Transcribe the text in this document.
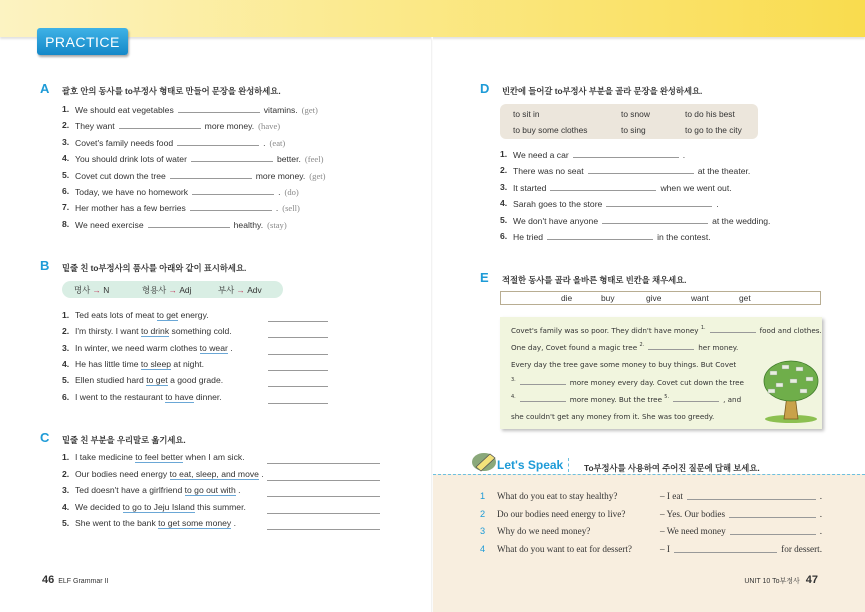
PRACTICE
A 괄호 안의 동사를 to부정사 형태로 만들어 문장을 완성하세요.
B 밑줄 친 to부정사의 품사를 아래와 같이 표시하세요.
명사 → N	형용사 → Adj	부사 → Adv
C 밑줄 친 부분을 우리말로 옮기세요.
46 ELF Grammar II
D 빈칸에 들어갈 to부정사 부분을 골라 문장을 완성하세요.
to sit in	to snow	to do his best
to buy some clothes	to sing	to go to the city
E 적절한 동사를 골라 올바른 형태로 빈칸을 채우세요.
die	buy	give	want	get
Covet's family was so poor. They didn't have money $^{1.}$	food and clothes.
One day, Covet found a magic tree $^{2.}$	her money.
Every day the tree gave some money to buy things. But Covet
$^{3.}$	more money every day. Covet cut down the tree
$^{4.}$	more money. But the tree $^{5.}$	, and
she couldn't get any money from it. She was too greedy.
Let's Speak	To부정사를 사용하여 주어진 질문에 답해 보세요.
UNIT 10 To부정사 47
1. We should eat vegetables	vitamins. (get)
2. They want	more money. (have)
3. Covet's family needs food	. (eat)
4. You should drink lots of water	better. (feel)
5. Covet cut down the tree	more money. (get)
6. Today, we have no homework	. (do)
7. Her mother has a few berries	. (sell)
8. We need exercise	healthy. (stay)
1. Ted eats lots of meat to get energy.
2. I'm thirsty. I want to drink something cold.
3. In winter, we need warm clothes to wear .
4. He has little time to sleep at night.
5. Ellen studied hard to get a good grade.
6. I went to the restaurant to have dinner.
1. I take medicine to feel better when I am sick.
2. Our bodies need energy to eat, sleep, and move .
3. Ted doesn't have a girlfriend to go out with .
4. We decided to go to Jeju Island this summer.
5. She went to the bank to get some money .
1. We need a car	.
2. There was no seat	at the theater.
3. It started	when we went out.
4. Sarah goes to the store	.
5. We don't have anyone	at the wedding.
6. He tried	in the contest.
1 What do you eat to stay healthy?	– I eat	.
2 Do our bodies need energy to live?	– Yes. Our bodies	.
3 Why do we need money?	– We need money	.
4 What do you want to eat for dessert?	– I	for dessert.
